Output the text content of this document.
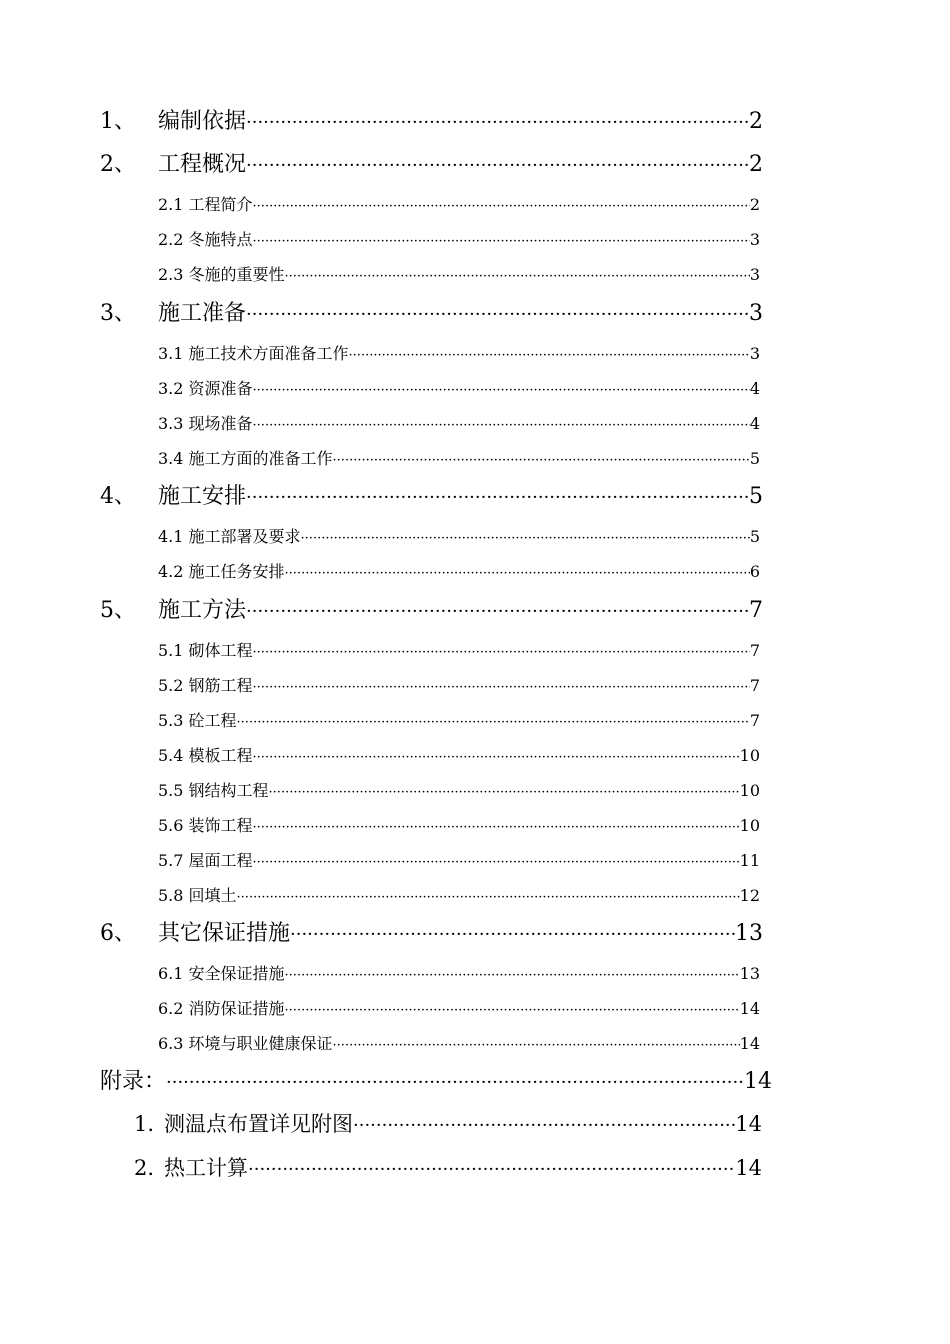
1、	编制依据 ·····	2
2、	工程概况 ·····	2
2.1 工程简介 ·····	2
2.2 冬施特点 ·····	3
2.3 冬施的重要性 ·····	3
3、	施工准备 ·····	3
3.1 施工技术方面准备工作 ·····	3
3.2 资源准备 ·····	4
3.3 现场准备 ·····	4
3.4 施工方面的准备工作 ·····	5
4、	施工安排 ·····	5
4.1 施工部署及要求 ·····	5
4.2 施工任务安排 ·····	6
5、	施工方法 ·····	7
5.1 砌体工程 ·····	7
5.2 钢筋工程 ·····	7
5.3 砼工程 ·····	7
5.4 模板工程 ·····	10
5.5 钢结构工程 ·····	10
5.6 装饰工程 ·····	10
5.7 屋面工程 ·····	11
5.8 回填土 ·····	12
6、	其它保证措施 ·····	13
6.1 安全保证措施 ·····	13
6.2 消防保证措施 ·····	14
6.3 环境与职业健康保证 ·····	14
附录： ·····	14
1. 测温点布置详见附图 ·····	14
2. 热工计算 ·····	14
